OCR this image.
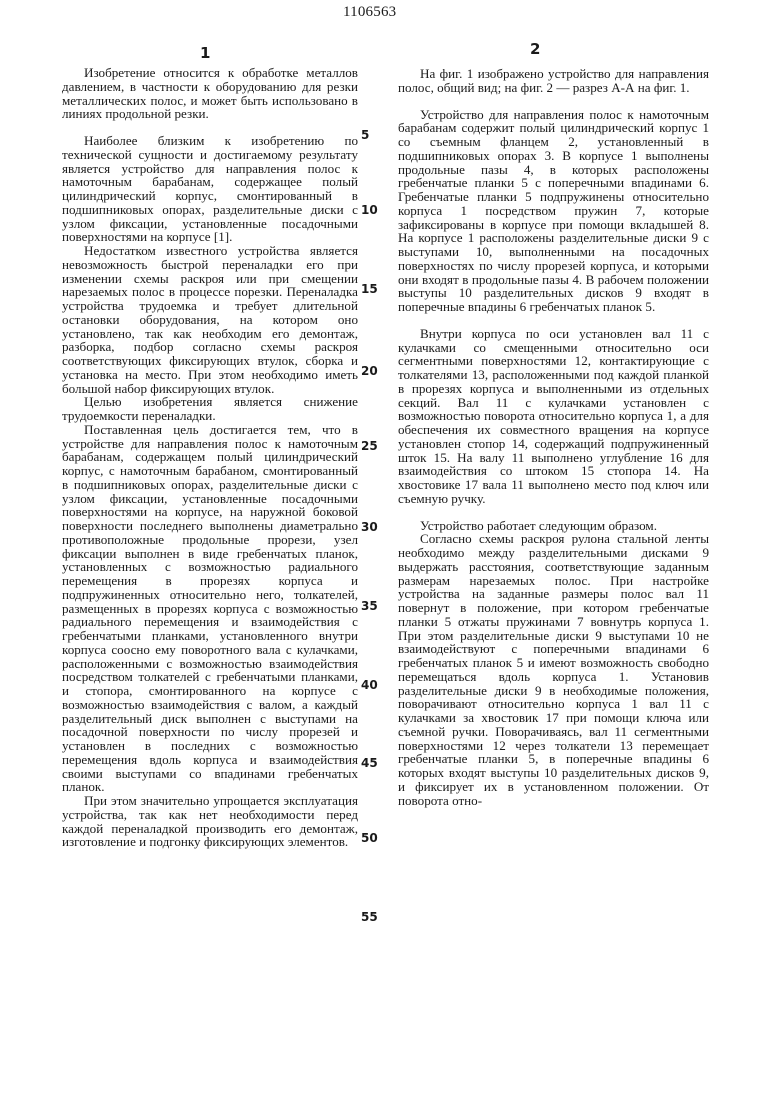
1106563
1	2

Изобретение относится к обработке металлов давлением, в частности к оборудованию для резки металлических полос, и может быть использовано в линиях продольной резки.

Наиболее близким к изобретению по технической сущности и достигаемому результату является устройство для направления полос к намоточным барабанам, содержащее полый цилиндрический корпус, смонтированный в подшипниковых опорах, разделительные диски с узлом фиксации, установленные посадочными поверхностями на корпусе [1].

Недостатком известного устройства является невозможность быстрой переналадки его при изменении схемы раскроя или при смещении нарезаемых полос в процессе порезки. Переналадка устройства трудоемка и требует длительной остановки оборудования, на котором оно установлено, так как необходим его демонтаж, разборка, подбор согласно схемы раскроя соответствующих фиксирующих втулок, сборка и установка на место. При этом необходимо иметь большой набор фиксирующих втулок.

Целью изобретения является снижение трудоемкости переналадки.

Поставленная цель достигается тем, что в устройстве для направления полос к намоточным барабанам, содержащем полый цилиндрический корпус, с намоточным барабаном, смонтированный в подшипниковых опорах, разделительные диски с узлом фиксации, установленные посадочными поверхностями на корпусе, на наружной боковой поверхности последнего выполнены диаметрально противоположные продольные прорези, узел фиксации выполнен в виде гребенчатых планок, установленных с возможностью радиального перемещения в прорезях корпуса и подпружиненных относительно него, толкателей, размещенных в прорезях корпуса с возможностью радиального перемещения и взаимодействия с гребенчатыми планками, установленного внутри корпуса соосно ему поворотного вала с кулачками, расположенными с возможностью взаимодействия посредством толкателей с гребенчатыми планками, и стопора, смонтированного на корпусе с возможностью взаимодействия с валом, а каждый разделительный диск выполнен с выступами на посадочной поверхности по числу прорезей и установлен в последних с возможностью перемещения вдоль корпуса и взаимодействия своими выступами со впадинами гребенчатых планок.

При этом значительно упрощается эксплуатация устройства, так как нет необходимости перед каждой переналадкой производить его демонтаж, изготовление и подгонку фиксирующих элементов.

5
10
15
20
25
30
35
40
45
50
55

На фиг. 1 изображено устройство для направления полос, общий вид; на фиг. 2 — разрез А-А на фиг. 1.

Устройство для направления полос к намоточным барабанам содержит полый цилиндрический корпус 1 со съемным фланцем 2, установленный в подшипниковых опорах 3. В корпусе 1 выполнены продольные пазы 4, в которых расположены гребенчатые планки 5 с поперечными впадинами 6. Гребенчатые планки 5 подпружинены относительно корпуса 1 посредством пружин 7, которые зафиксированы в корпусе при помощи вкладышей 8. На корпусе 1 расположены разделительные диски 9 с выступами 10, выполненными на посадочных поверхностях по числу прорезей корпуса, и которыми они входят в продольные пазы 4. В рабочем положении выступы 10 разделительных дисков 9 входят в поперечные впадины 6 гребенчатых планок 5.

Внутри корпуса по оси установлен вал 11 с кулачками со смещенными относительно оси сегментными поверхностями 12, контактирующие с толкателями 13, расположенными под каждой планкой в прорезях корпуса и выполненными из отдельных секций. Вал 11 с кулачками установлен с возможностью поворота относительно корпуса 1, а для обеспечения их совместного вращения на корпусе установлен стопор 14, содержащий подпружиненный шток 15. На валу 11 выполнено углубление 16 для взаимодействия со штоком 15 стопора 14. На хвостовике 17 вала 11 выполнено место под ключ или съемную ручку.

Устройство работает следующим образом.

Согласно схемы раскроя рулона стальной ленты необходимо между разделительными дисками 9 выдержать расстояния, соответствующие заданным размерам нарезаемых полос. При настройке устройства на заданные размеры полос вал 11 повернут в положение, при котором гребенчатые планки 5 отжаты пружинами 7 вовнутрь корпуса 1. При этом разделительные диски 9 выступами 10 не взаимодействуют с поперечными впадинами 6 гребенчатых планок 5 и имеют возможность свободно перемещаться вдоль корпуса 1. Установив разделительные диски 9 в необходимые положения, поворачивают относительно корпуса 1 вал 11 с кулачками за хвостовик 17 при помощи ключа или съемной ручки. Поворачиваясь, вал 11 сегментными поверхностями 12 через толкатели 13 перемещает гребенчатые планки 5, в поперечные впадины 6 которых входят выступы 10 разделительных дисков 9, и фиксирует их в установленном положении. От поворота отно-
